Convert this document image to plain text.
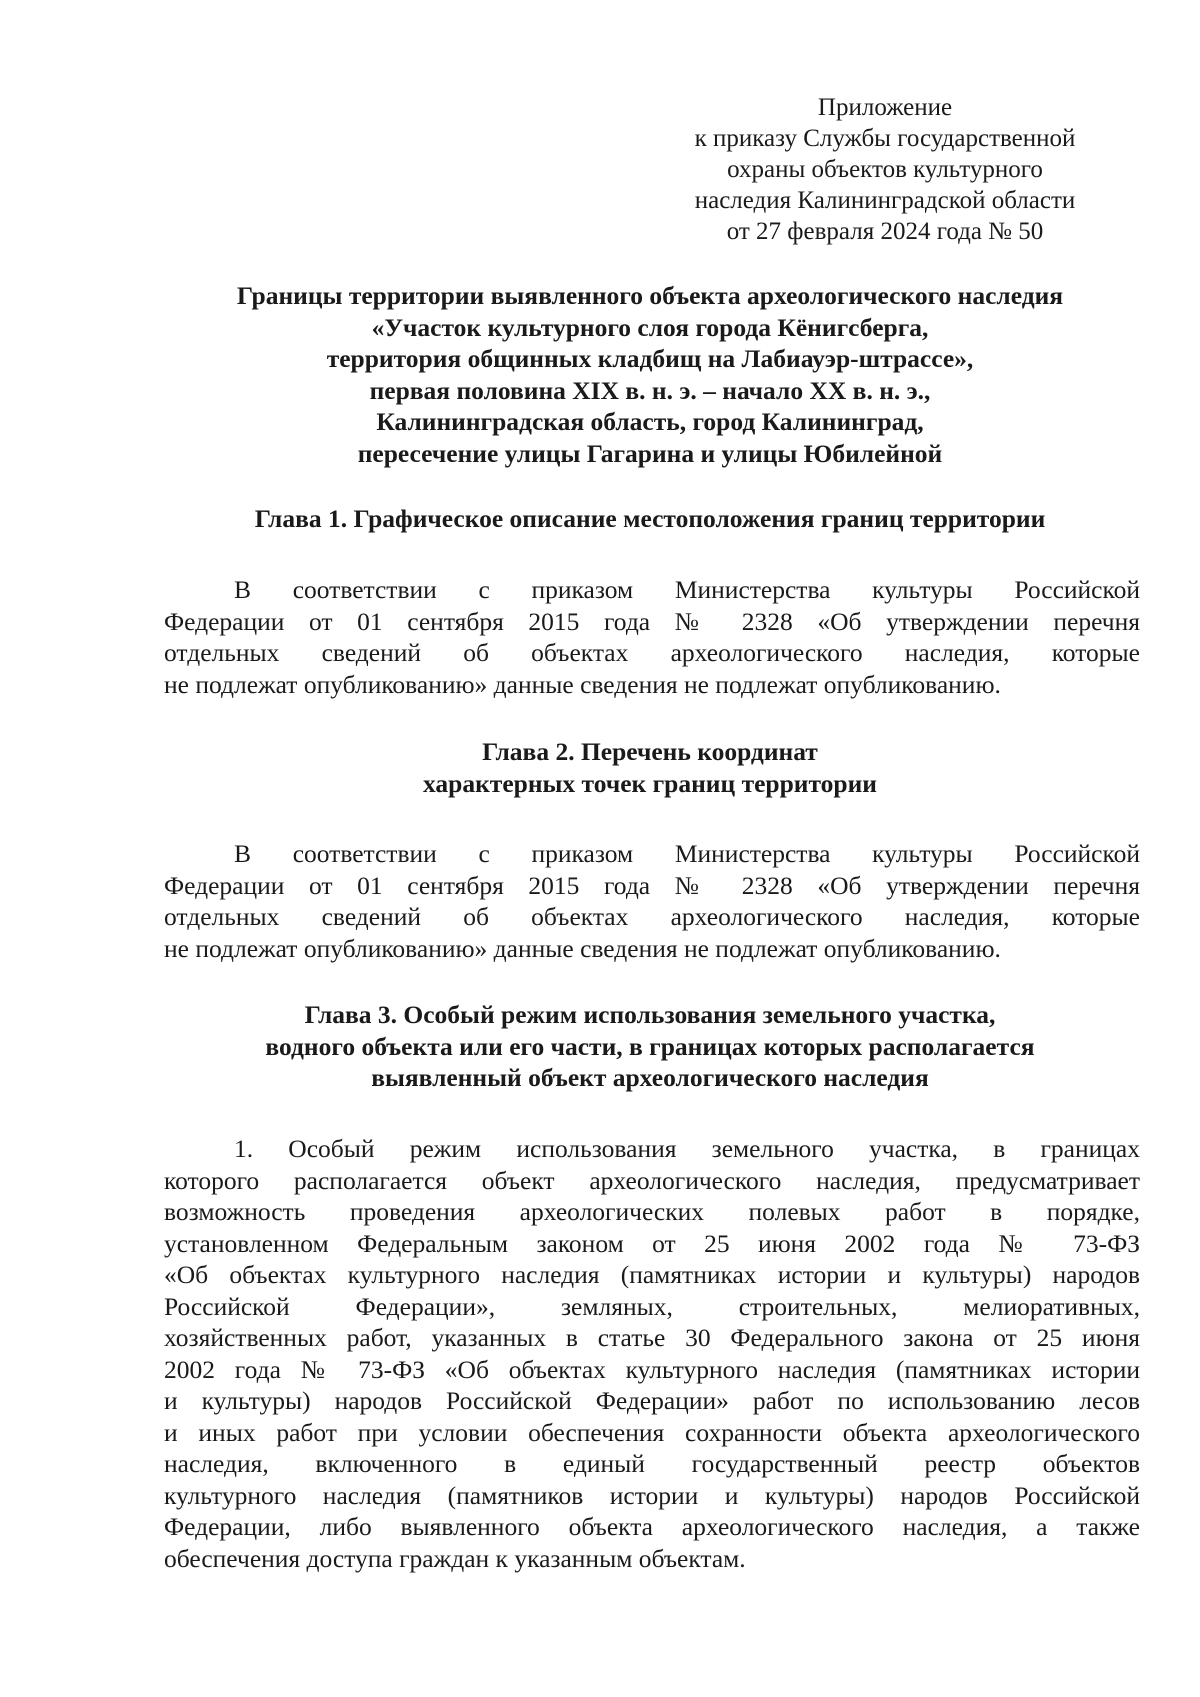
Приложение
к приказу Службы государственной
охраны объектов культурного
наследия Калининградской области
от 27 февраля 2024 года № 50
Границы территории выявленного объекта археологического наследия
«Участок культурного слоя города Кёнигсберга,
территория общинных кладбищ на Лабиауэр-штрассе»,
первая половина XIX в. н. э. – начало XX в. н. э.,
Калининградская область, город Калининград,
пересечение улицы Гагарина и улицы Юбилейной
Глава 1. Графическое описание местоположения границ территории
В соответствии с приказом Министерства культуры Российской
Федерации от 01 сентября 2015 года № 2328 «Об утверждении перечня
отдельных сведений об объектах археологического наследия, которые
не подлежат опубликованию» данные сведения не подлежат опубликованию.
Глава 2. Перечень координат
характерных точек границ территории
В соответствии с приказом Министерства культуры Российской
Федерации от 01 сентября 2015 года № 2328 «Об утверждении перечня
отдельных сведений об объектах археологического наследия, которые
не подлежат опубликованию» данные сведения не подлежат опубликованию.
Глава 3. Особый режим использования земельного участка,
водного объекта или его части, в границах которых располагается
выявленный объект археологического наследия
1. Особый режим использования земельного участка, в границах
которого располагается объект археологического наследия, предусматривает
возможность проведения археологических полевых работ в порядке,
установленном Федеральным законом от 25 июня 2002 года № 73-ФЗ
«Об объектах культурного наследия (памятниках истории и культуры) народов
Российской Федерации», земляных, строительных, мелиоративных,
хозяйственных работ, указанных в статье 30 Федерального закона от 25 июня
2002 года № 73-ФЗ «Об объектах культурного наследия (памятниках истории
и культуры) народов Российской Федерации» работ по использованию лесов
и иных работ при условии обеспечения сохранности объекта археологического
наследия, включенного в единый государственный реестр объектов
культурного наследия (памятников истории и культуры) народов Российской
Федерации, либо выявленного объекта археологического наследия, а также
обеспечения доступа граждан к указанным объектам.
